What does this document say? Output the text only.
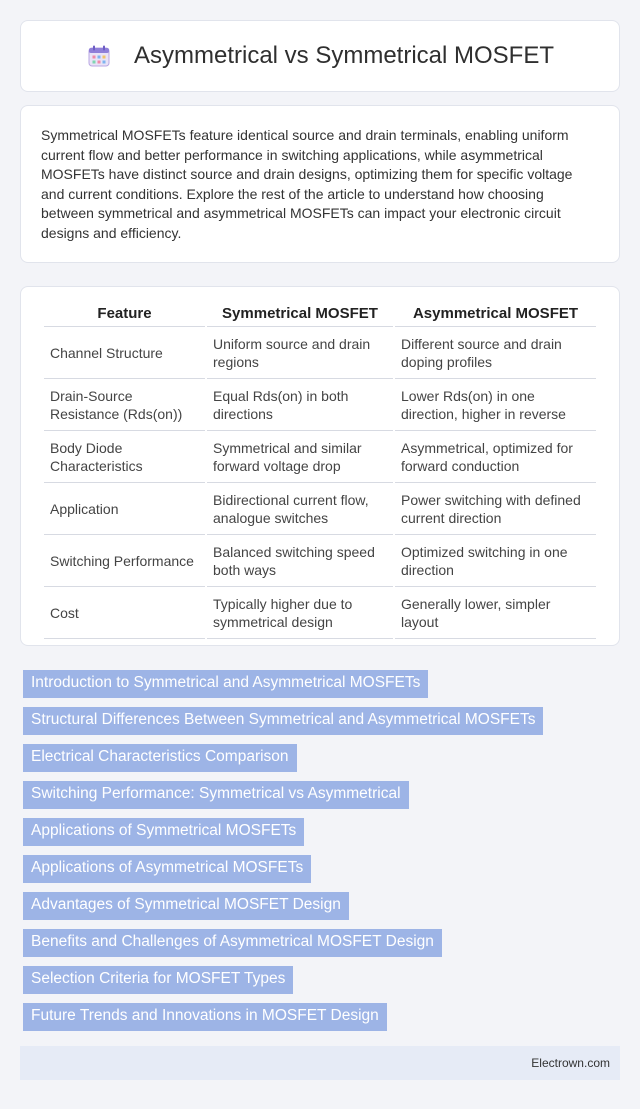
Asymmetrical vs Symmetrical MOSFET

Symmetrical MOSFETs feature identical source and drain terminals, enabling uniform current flow and better performance in switching applications, while asymmetrical MOSFETs have distinct source and drain designs, optimizing them for specific voltage and current conditions. Explore the rest of the article to understand how choosing between symmetrical and asymmetrical MOSFETs can impact your electronic circuit designs and efficiency.

Feature	Symmetrical MOSFET	Asymmetrical MOSFET
Channel Structure	Uniform source and drain regions	Different source and drain doping profiles
Drain-Source Resistance (Rds(on))	Equal Rds(on) in both directions	Lower Rds(on) in one direction, higher in reverse
Body Diode Characteristics	Symmetrical and similar forward voltage drop	Asymmetrical, optimized for forward conduction
Application	Bidirectional current flow, analogue switches	Power switching with defined current direction
Switching Performance	Balanced switching speed both ways	Optimized switching in one direction
Cost	Typically higher due to symmetrical design	Generally lower, simpler layout
Introduction to Symmetrical and Asymmetrical MOSFETs
Structural Differences Between Symmetrical and Asymmetrical MOSFETs
Electrical Characteristics Comparison
Switching Performance: Symmetrical vs Asymmetrical
Applications of Symmetrical MOSFETs
Applications of Asymmetrical MOSFETs
Advantages of Symmetrical MOSFET Design
Benefits and Challenges of Asymmetrical MOSFET Design
Selection Criteria for MOSFET Types
Future Trends and Innovations in MOSFET Design
Electrown.com
